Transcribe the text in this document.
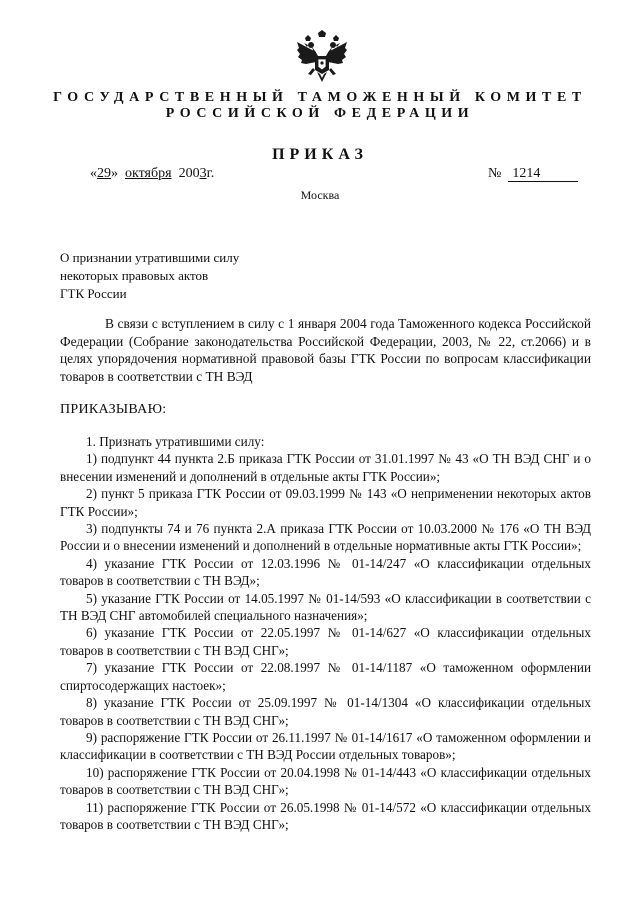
ГОСУДАРСТВЕННЫЙ ТАМОЖЕННЫЙ КОМИТЕТ
РОССИЙСКОЙ ФЕДЕРАЦИИ
ПРИКАЗ
«29» октября 2003г.	№ 1214
Москва
О признании утратившими силу
некоторых правовых актов
ГТК России
В связи с вступлением в силу с 1 января 2004 года Таможенного кодекса Российской Федерации (Собрание законодательства Российской Федерации, 2003, № 22, ст.2066) и в целях упорядочения нормативной правовой базы ГТК России по вопросам классификации товаров в соответствии с ТН ВЭД
ПРИКАЗЫВАЮ:

1. Признать утратившими силу:

1) подпункт 44 пункта 2.Б приказа ГТК России от 31.01.1997 № 43 «О ТН ВЭД СНГ и о внесении изменений и дополнений в отдельные акты ГТК России»;

2) пункт 5 приказа ГТК России от 09.03.1999 № 143 «О неприменении некоторых актов ГТК России»;

3) подпункты 74 и 76 пункта 2.А приказа ГТК России от 10.03.2000 № 176 «О ТН ВЭД России и о внесении изменений и дополнений в отдельные нормативные акты ГТК России»;

4) указание ГТК России от 12.03.1996 № 01-14/247 «О классификации отдельных товаров в соответствии с ТН ВЭД»;

5) указание ГТК России от 14.05.1997 № 01-14/593 «О классификации в соответствии с ТН ВЭД СНГ автомобилей специального назначения»;

6) указание ГТК России от 22.05.1997 № 01-14/627 «О классификации отдельных товаров в соответствии с ТН ВЭД СНГ»;

7) указание ГТК России от 22.08.1997 № 01-14/1187 «О таможенном оформлении спиртосодержащих настоек»;

8) указание ГТК России от 25.09.1997 № 01-14/1304 «О классификации отдельных товаров в соответствии с ТН ВЭД СНГ»;

9) распоряжение ГТК России от 26.11.1997 № 01-14/1617 «О таможенном оформлении и классификации в соответствии с ТН ВЭД России отдельных товаров»;

10) распоряжение ГТК России от 20.04.1998 № 01-14/443 «О классификации отдельных товаров в соответствии с ТН ВЭД СНГ»;

11) распоряжение ГТК России от 26.05.1998 № 01-14/572 «О классификации отдельных товаров в соответствии с ТН ВЭД СНГ»;
